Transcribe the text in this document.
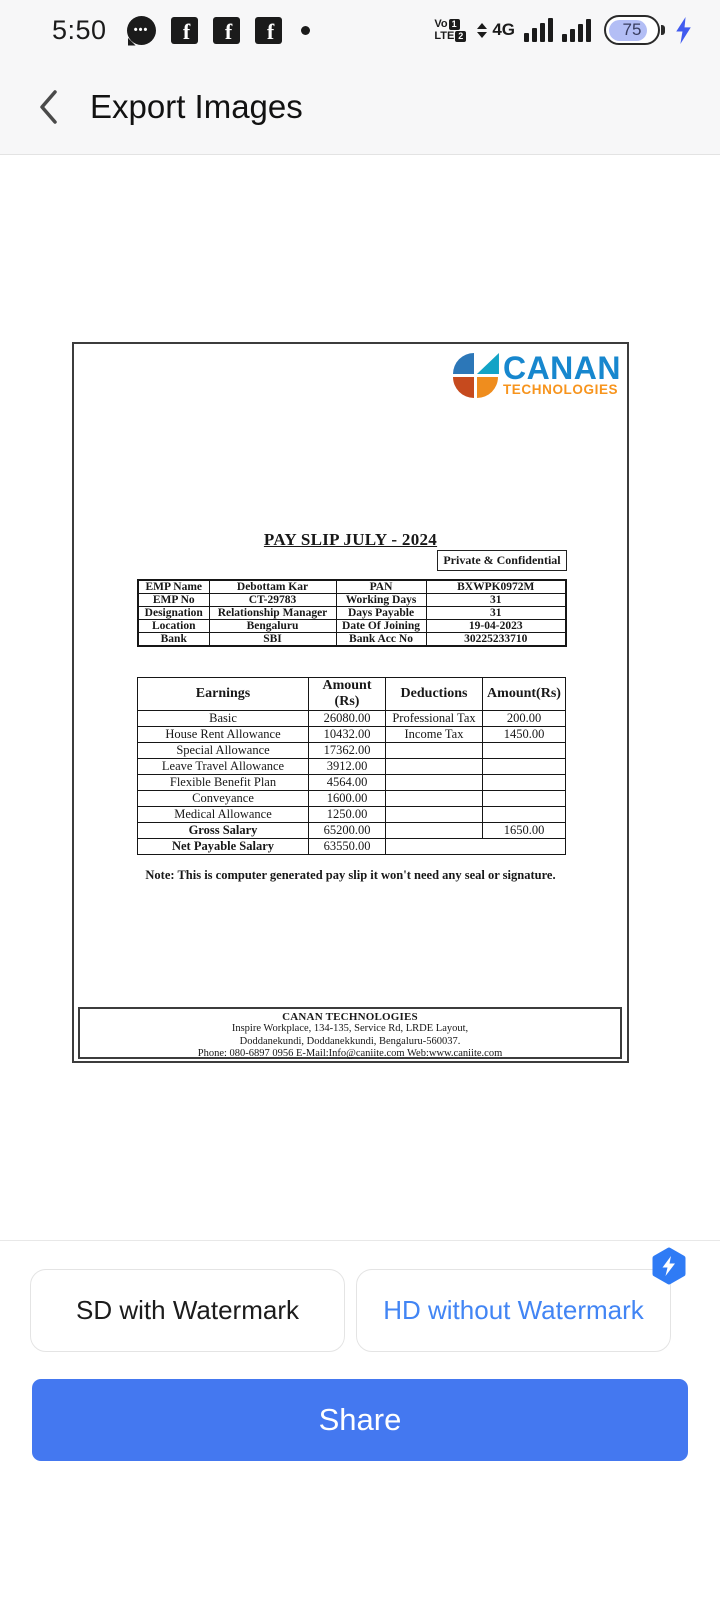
5:50 ••• f f f	Vo 1
LTE 2 4G	75
Export Images
CANAN
TECHNOLOGIES
PAY SLIP JULY - 2024
Private & Confidential
EMP Name	Debottam Kar	PAN	BXWPK0972M
EMP No	CT-29783	Working Days	31
Designation	Relationship Manager	Days Payable	31
Location	Bengaluru	Date Of Joining	19-04-2023
Bank	SBI	Bank Acc No	30225233710
Earnings	Amount (Rs)	Deductions	Amount(Rs)
Basic	26080.00	Professional Tax	200.00
House Rent Allowance	10432.00	Income Tax	1450.00
Special Allowance	17362.00		
Leave Travel Allowance	3912.00		
Flexible Benefit Plan	4564.00		
Conveyance	1600.00		
Medical Allowance	1250.00		
Gross Salary	65200.00		1650.00
Net Payable Salary	63550.00		
Note: This is computer generated pay slip it won't need any seal or signature.
CANAN TECHNOLOGIES
Inspire Workplace, 134-135, Service Rd, LRDE Layout,
Doddanekundi, Doddanekkundi, Bengaluru-560037.
Phone: 080-6897 0956 E-Mail:Info@caniite.com Web:www.caniite.com
SD with Watermark	HD without Watermark
Share
